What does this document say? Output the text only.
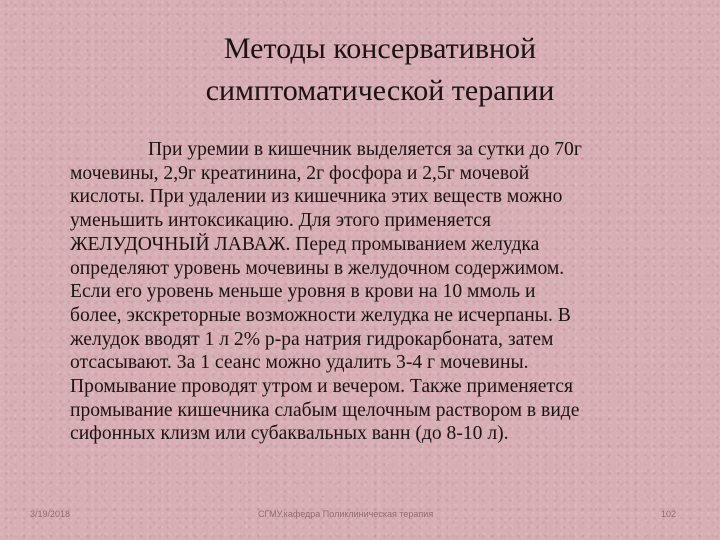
Методы консервативной
симптоматической терапии

При уремии в кишечник выделяется за сутки до 70г
мочевины, 2,9г креатинина, 2г фосфора и 2,5г мочевой
кислоты. При удалении из кишечника этих веществ можно
уменьшить интоксикацию. Для этого применяется
ЖЕЛУДОЧНЫЙ ЛАВАЖ. Перед промыванием желудка
определяют уровень мочевины в желудочном содержимом.
Если его уровень меньше уровня в крови на 10 ммоль и
более, экскреторные возможности желудка не исчерпаны. В
желудок вводят 1 л 2% р-ра натрия гидрокарбоната, затем
отсасывают. За 1 сеанс можно удалить 3-4 г мочевины.
Промывание проводят утром и вечером. Также применяется
промывание кишечника слабым щелочным раствором в виде
сифонных клизм или субаквальных ванн (до 8-10 л).

3/19/2018	СГМУ,кафедра Поликлиническая терапия	102
